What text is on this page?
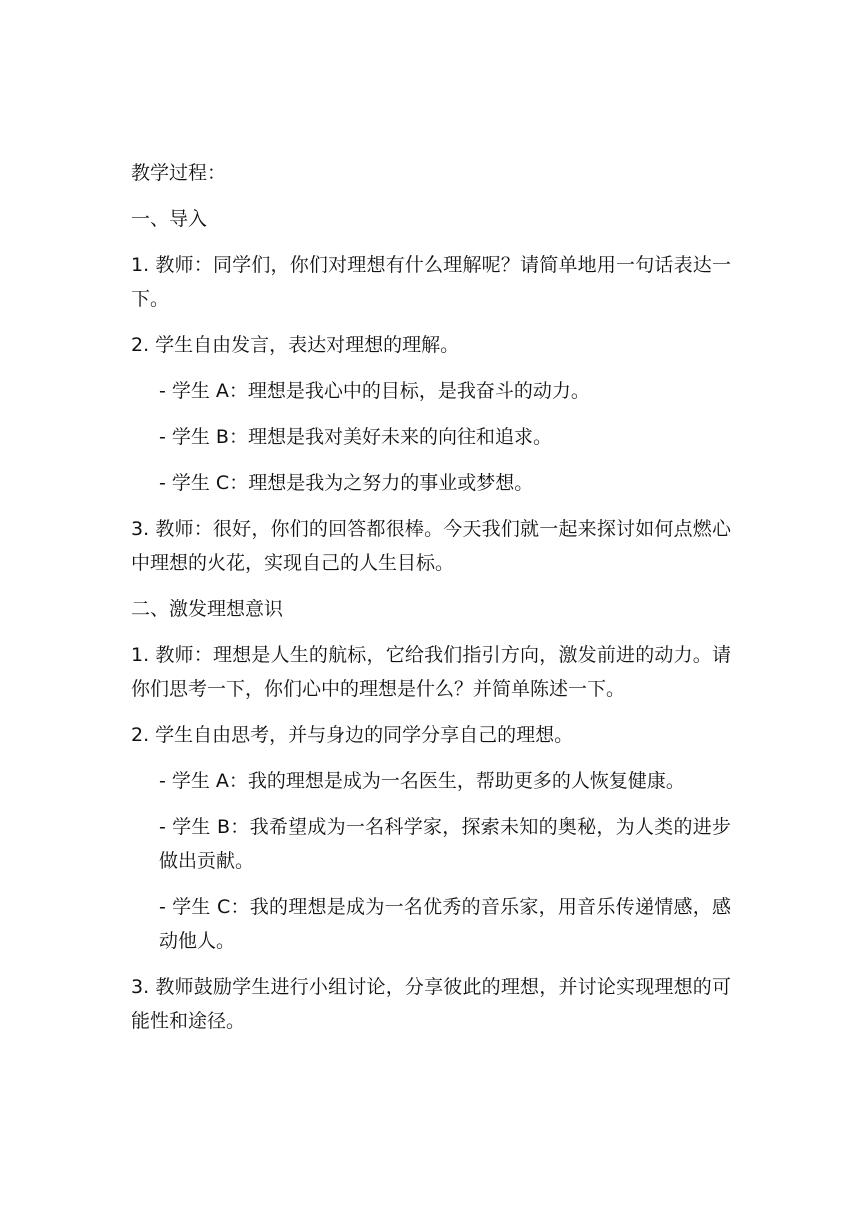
教学过程：

一、导入

1. 教师：同学们，你们对理想有什么理解呢？请简单地用一句话表达一下。

2. 学生自由发言，表达对理想的理解。

- 学生 A：理想是我心中的目标，是我奋斗的动力。

- 学生 B：理想是我对美好未来的向往和追求。

- 学生 C：理想是我为之努力的事业或梦想。

3. 教师：很好，你们的回答都很棒。今天我们就一起来探讨如何点燃心中理想的火花，实现自己的人生目标。

二、激发理想意识

1. 教师：理想是人生的航标，它给我们指引方向，激发前进的动力。请你们思考一下，你们心中的理想是什么？并简单陈述一下。

2. 学生自由思考，并与身边的同学分享自己的理想。

- 学生 A：我的理想是成为一名医生，帮助更多的人恢复健康。

- 学生 B：我希望成为一名科学家，探索未知的奥秘，为人类的进步做出贡献。

- 学生 C：我的理想是成为一名优秀的音乐家，用音乐传递情感，感动他人。

3. 教师鼓励学生进行小组讨论，分享彼此的理想，并讨论实现理想的可能性和途径。
